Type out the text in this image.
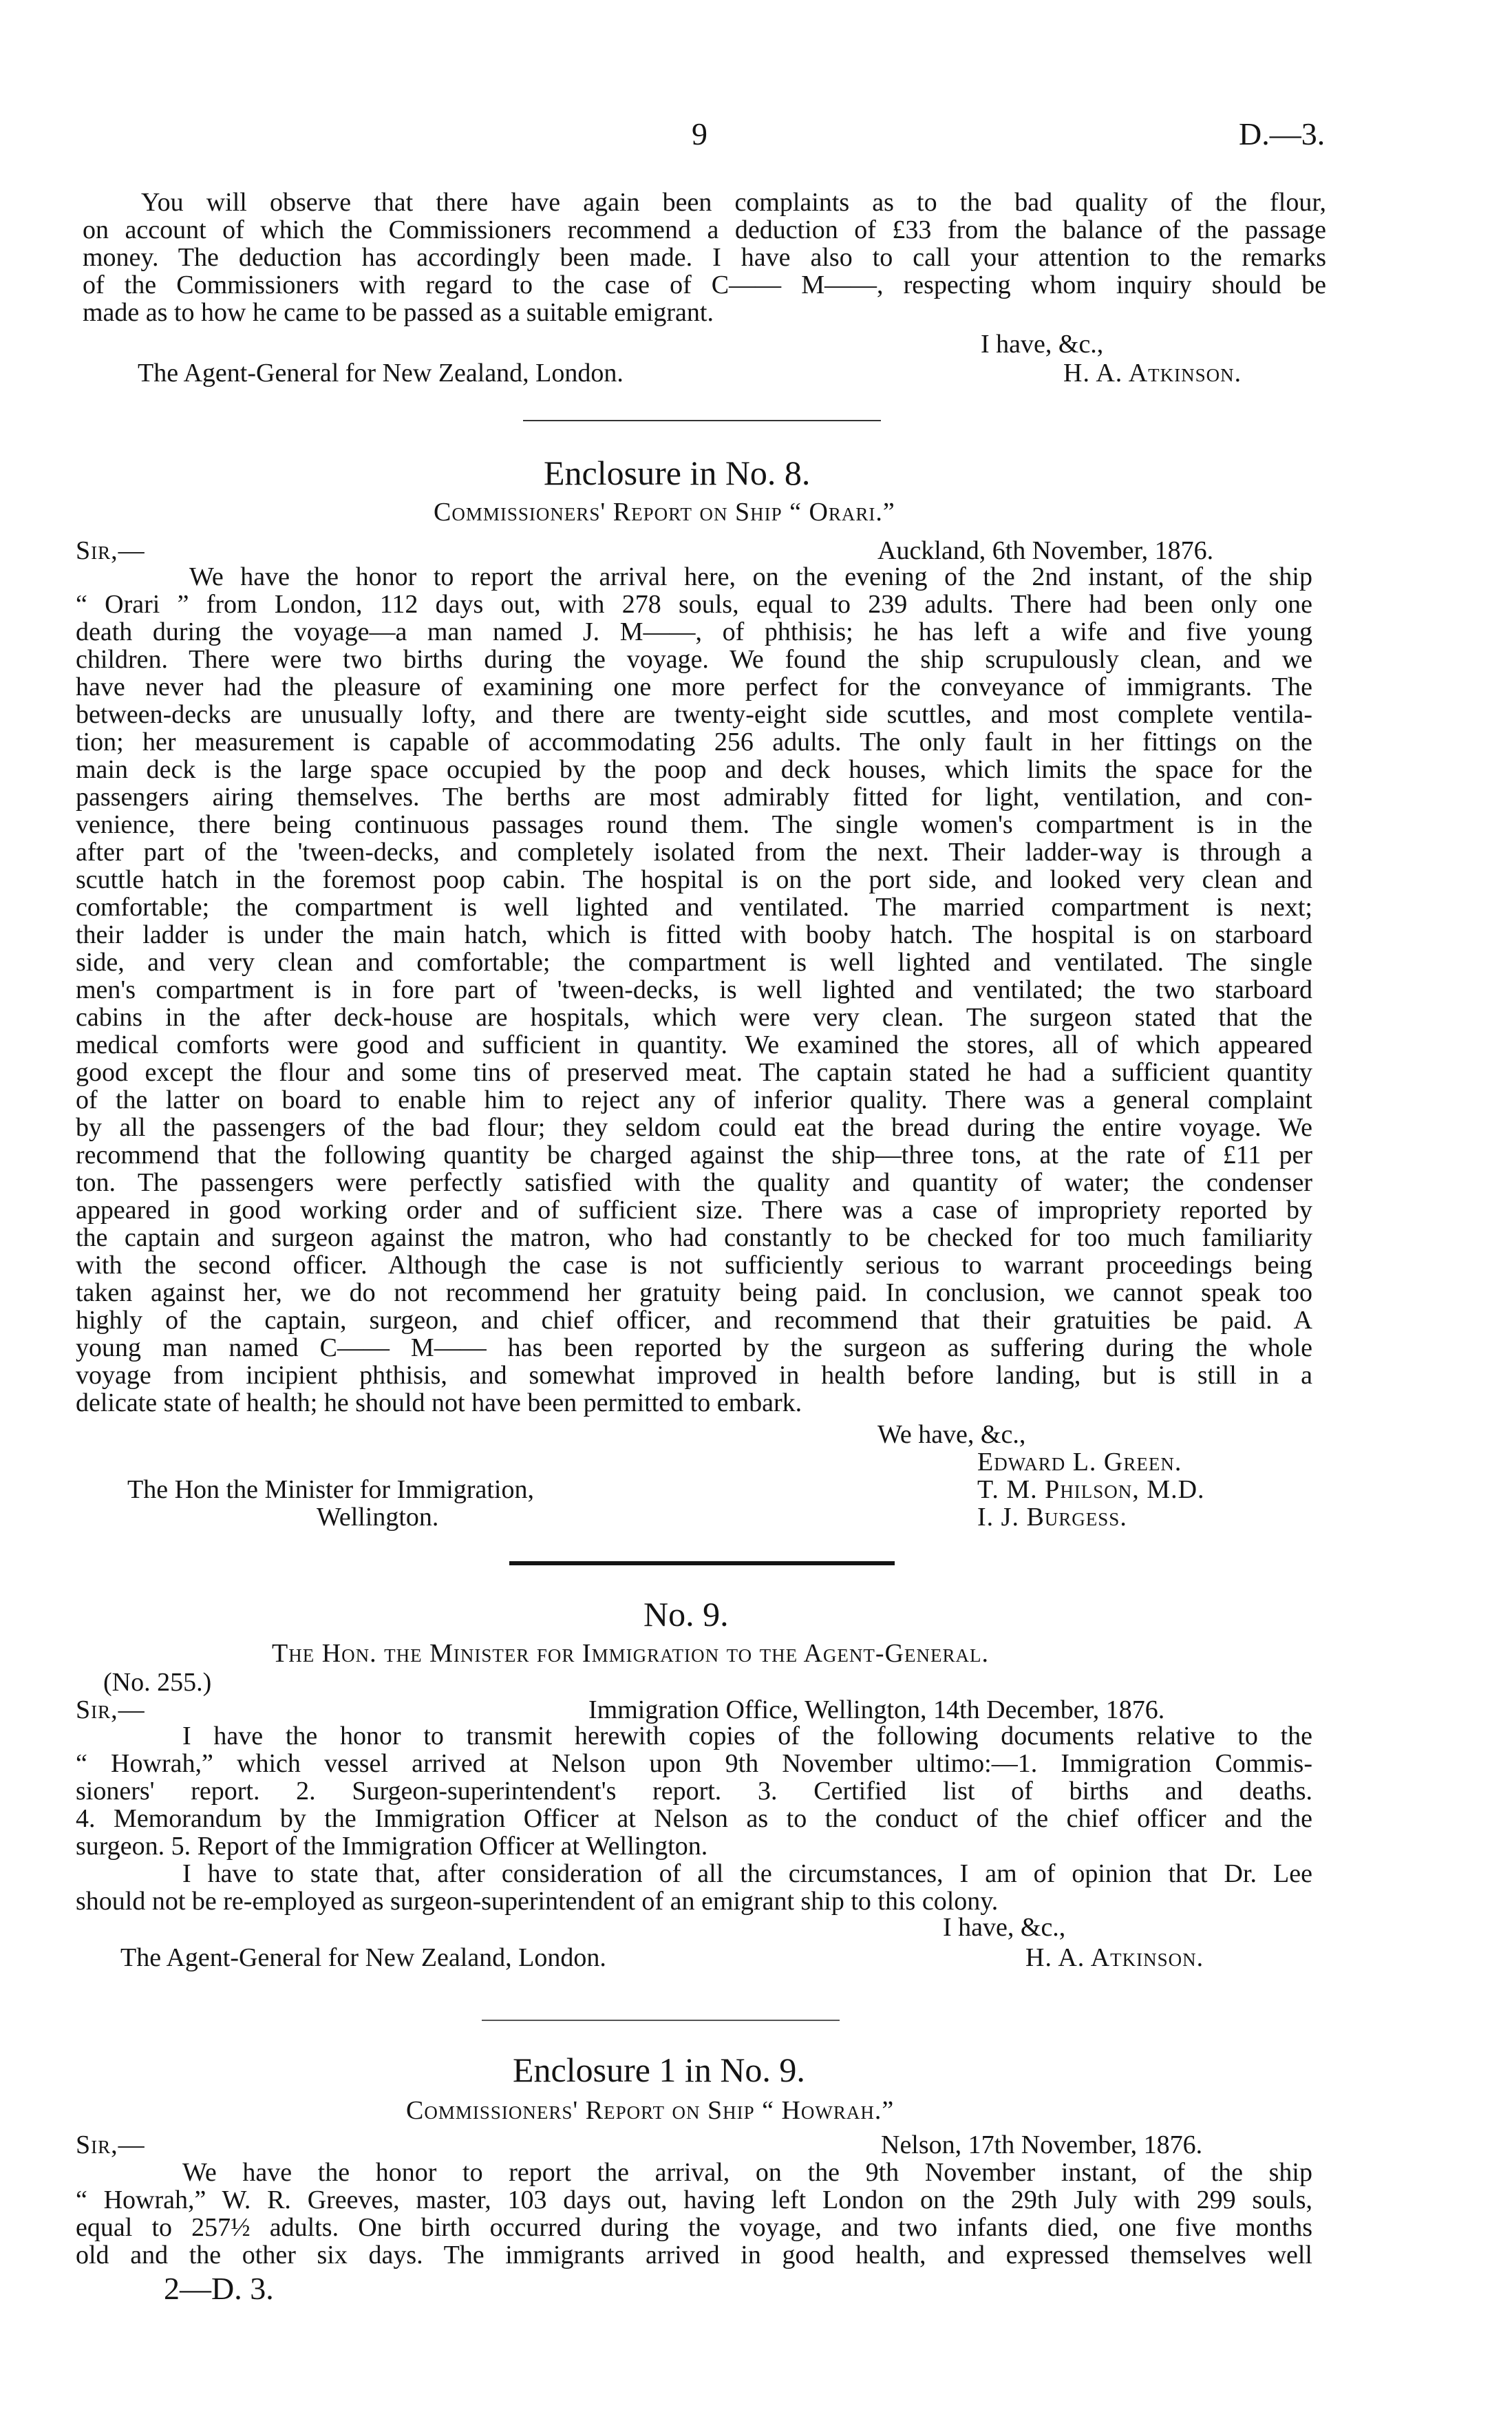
9	D.—3.
You will observe that there have again been complaints as to the bad quality of the flour,
on account of which the Commissioners recommend a deduction of £33 from the balance of the passage
money. The deduction has accordingly been made. I have also to call your attention to the remarks
of the Commissioners with regard to the case of C—— M——, respecting whom inquiry should be
made as to how he came to be passed as a suitable emigrant.
I have, &c.,
The Agent-General for New Zealand, London.	H. A. Atkinson.
Enclosure in No. 8.
Commissioners' Report on Ship “ Orari.”
Sir,—	Auckland, 6th November, 1876.
We have the honor to report the arrival here, on the evening of the 2nd instant, of the ship
“ Orari ” from London, 112 days out, with 278 souls, equal to 239 adults. There had been only one
death during the voyage—a man named J. M——, of phthisis; he has left a wife and five young
children. There were two births during the voyage. We found the ship scrupulously clean, and we
have never had the pleasure of examining one more perfect for the conveyance of immigrants. The
between-decks are unusually lofty, and there are twenty-eight side scuttles, and most complete ventila-
tion; her measurement is capable of accommodating 256 adults. The only fault in her fittings on the
main deck is the large space occupied by the poop and deck houses, which limits the space for the
passengers airing themselves. The berths are most admirably fitted for light, ventilation, and con-
venience, there being continuous passages round them. The single women's compartment is in the
after part of the 'tween-decks, and completely isolated from the next. Their ladder-way is through a
scuttle hatch in the foremost poop cabin. The hospital is on the port side, and looked very clean and
comfortable; the compartment is well lighted and ventilated. The married compartment is next;
their ladder is under the main hatch, which is fitted with booby hatch. The hospital is on starboard
side, and very clean and comfortable; the compartment is well lighted and ventilated. The single
men's compartment is in fore part of 'tween-decks, is well lighted and ventilated; the two starboard
cabins in the after deck-house are hospitals, which were very clean. The surgeon stated that the
medical comforts were good and sufficient in quantity. We examined the stores, all of which appeared
good except the flour and some tins of preserved meat. The captain stated he had a sufficient quantity
of the latter on board to enable him to reject any of inferior quality. There was a general complaint
by all the passengers of the bad flour; they seldom could eat the bread during the entire voyage. We
recommend that the following quantity be charged against the ship—three tons, at the rate of £11 per
ton. The passengers were perfectly satisfied with the quality and quantity of water; the condenser
appeared in good working order and of sufficient size. There was a case of impropriety reported by
the captain and surgeon against the matron, who had constantly to be checked for too much familiarity
with the second officer. Although the case is not sufficiently serious to warrant proceedings being
taken against her, we do not recommend her gratuity being paid. In conclusion, we cannot speak too
highly of the captain, surgeon, and chief officer, and recommend that their gratuities be paid. A
young man named C—— M—— has been reported by the surgeon as suffering during the whole
voyage from incipient phthisis, and somewhat improved in health before landing, but is still in a
delicate state of health; he should not have been permitted to embark.
We have, &c.,
Edward L. Green.
The Hon the Minister for Immigration,	T. M. Philson, M.D.
Wellington.	I. J. Burgess.
No. 9.
The Hon. the Minister for Immigration to the Agent-General.
(No. 255.)
Sir,—	Immigration Office, Wellington, 14th December, 1876.
I have the honor to transmit herewith copies of the following documents relative to the
“ Howrah,” which vessel arrived at Nelson upon 9th November ultimo:—1. Immigration Commis-
sioners' report. 2. Surgeon-superintendent's report. 3. Certified list of births and deaths.
4. Memorandum by the Immigration Officer at Nelson as to the conduct of the chief officer and the
surgeon. 5. Report of the Immigration Officer at Wellington.
I have to state that, after consideration of all the circumstances, I am of opinion that Dr. Lee
should not be re-employed as surgeon-superintendent of an emigrant ship to this colony.
I have, &c.,
The Agent-General for New Zealand, London.	H. A. Atkinson.
Enclosure 1 in No. 9.
Commissioners' Report on Ship “ Howrah.”
Sir,—	Nelson, 17th November, 1876.
We have the honor to report the arrival, on the 9th November instant, of the ship
“ Howrah,” W. R. Greeves, master, 103 days out, having left London on the 29th July with 299 souls,
equal to 257½ adults. One birth occurred during the voyage, and two infants died, one five months
old and the other six days. The immigrants arrived in good health, and expressed themselves well
2—D. 3.
